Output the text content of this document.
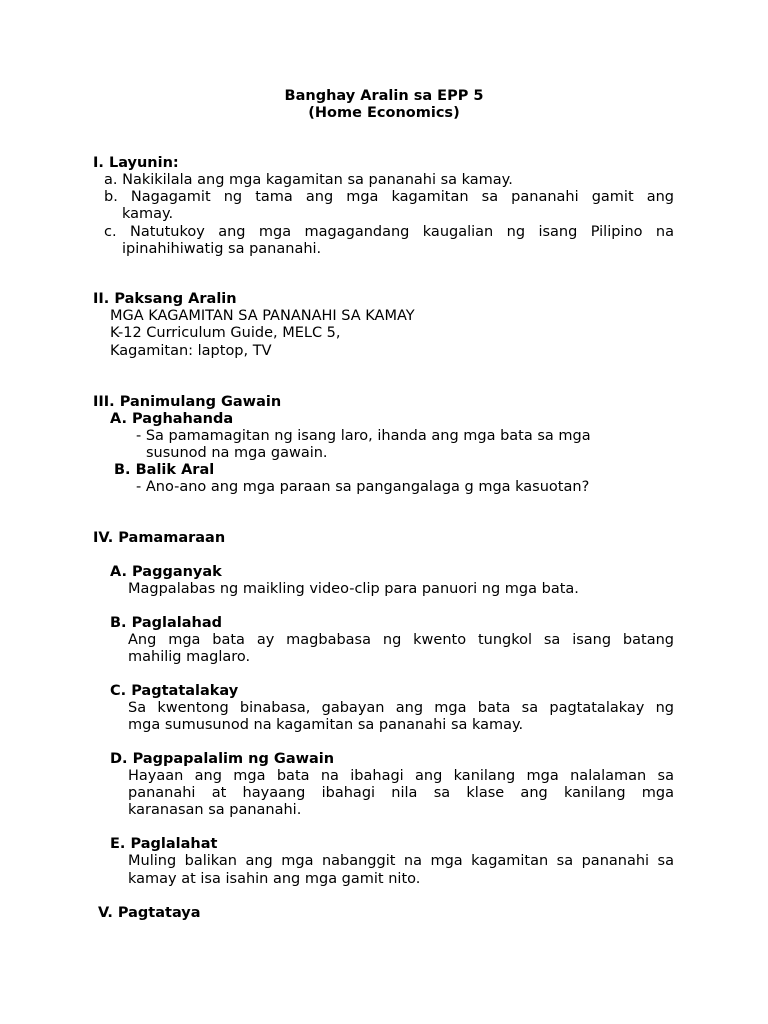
Banghay Aralin sa EPP 5
(Home Economics)
I. Layunin:
a. Nakikilala ang mga kagamitan sa pananahi sa kamay.
b. Nagagamit ng tama ang mga kagamitan sa pananahi gamit ang
kamay.
c. Natutukoy ang mga magagandang kaugalian ng isang Pilipino na
ipinahihiwatig sa pananahi.
II. Paksang Aralin
MGA KAGAMITAN SA PANANAHI SA KAMAY
K-12 Curriculum Guide, MELC 5,
Kagamitan: laptop, TV
III. Panimulang Gawain
A. Paghahanda
- Sa pamamagitan ng isang laro, ihanda ang mga bata sa mga
susunod na mga gawain.
B. Balik Aral
- Ano-ano ang mga paraan sa pangangalaga g mga kasuotan?
IV. Pamamaraan
A. Pagganyak
Magpalabas ng maikling video-clip para panuori ng mga bata.
B. Paglalahad
Ang mga bata ay magbabasa ng kwento tungkol sa isang batang
mahilig maglaro.
C. Pagtatalakay
Sa kwentong binabasa, gabayan ang mga bata sa pagtatalakay ng
mga sumusunod na kagamitan sa pananahi sa kamay.
D. Pagpapalalim ng Gawain
Hayaan ang mga bata na ibahagi ang kanilang mga nalalaman sa
pananahi at hayaang ibahagi nila sa klase ang kanilang mga
karanasan sa pananahi.
E. Paglalahat
Muling balikan ang mga nabanggit na mga kagamitan sa pananahi sa
kamay at isa isahin ang mga gamit nito.
V. Pagtataya
